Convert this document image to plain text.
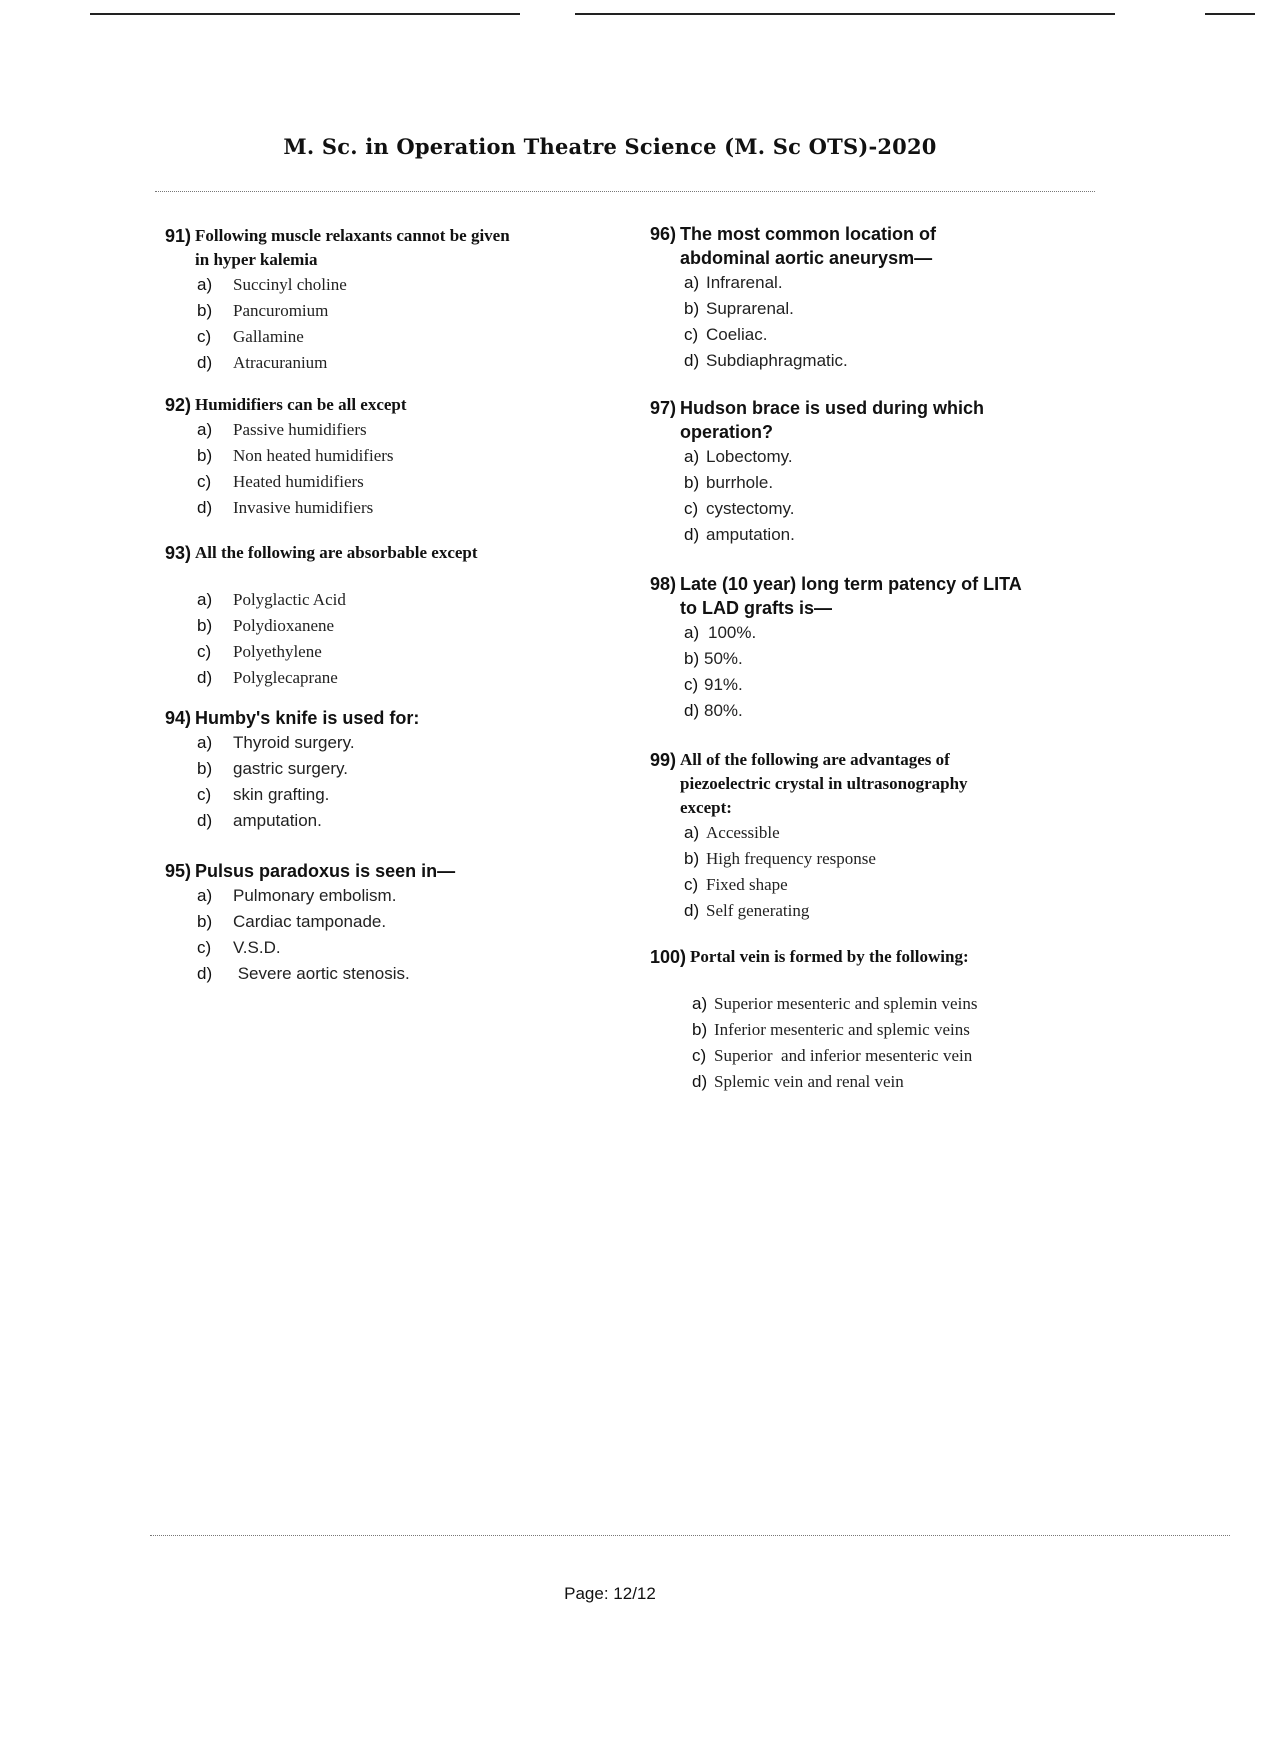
M. Sc. in Operation Theatre Science (M. Sc OTS)-2020
91) Following muscle relaxants cannot be given
in hyper kalemia
a)	Succinyl choline
b)	Pancuromium
c)	Gallamine
d)	Atracuranium
92) Humidifiers can be all except
a)	Passive humidifiers
b)	Non heated humidifiers
c)	Heated humidifiers
d)	Invasive humidifiers
93) All the following are absorbable except
a)	Polyglactic Acid
b)	Polydioxanene
c)	Polyethylene
d)	Polyglecaprane
94) Humby's knife is used for:
a)	Thyroid surgery.
b)	gastric surgery.
c)	skin grafting.
d)	amputation.
95) Pulsus paradoxus is seen in—
a)	Pulmonary embolism.
b)	Cardiac tamponade.
c)	V.S.D.
d)	Severe aortic stenosis.
96) The most common location of
abdominal aortic aneurysm—
a) Infrarenal.
b) Suprarenal.
c) Coeliac.
d) Subdiaphragmatic.
97) Hudson brace is used during which
operation?
a) Lobectomy.
b) burrhole.
c) cystectomy.
d) amputation.
98) Late (10 year) long term patency of LITA
to LAD grafts is—
a) 100%.
b) 50%.
c) 91%.
d) 80%.
99) All of the following are advantages of
piezoelectric crystal in ultrasonography
except:
a) Accessible
b) High frequency response
c) Fixed shape
d) Self generating
100) Portal vein is formed by the following:
a) Superior mesenteric and splemin veins
b) Inferior mesenteric and splemic veins
c) Superior  and inferior mesenteric vein
d) Splemic vein and renal vein
Page: 12/12
